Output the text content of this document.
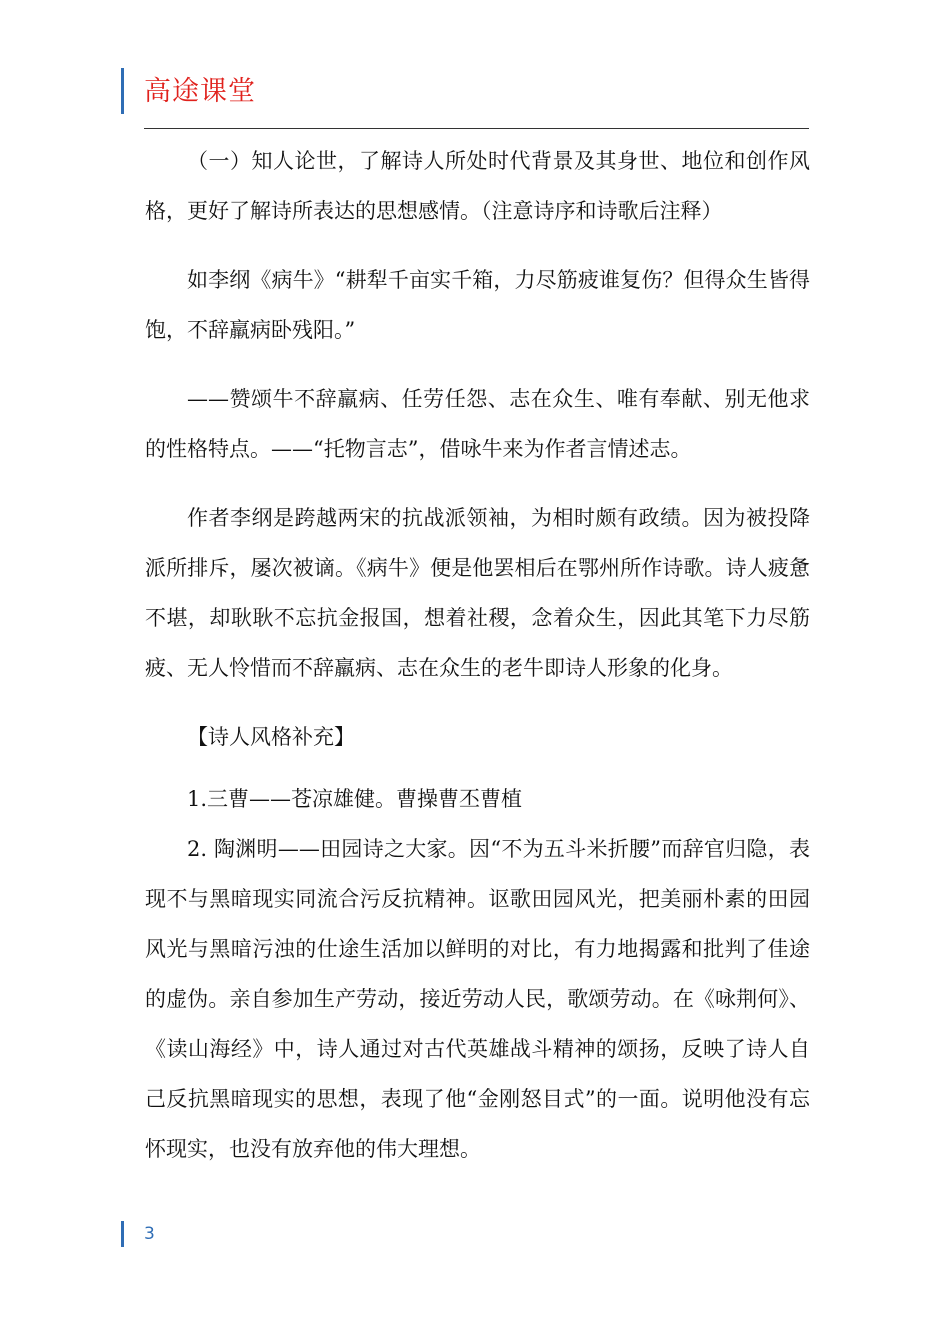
高途课堂

（一）知人论世，了解诗人所处时代背景及其身世、地位和创作风格，更好了解诗所表达的思想感情。（注意诗序和诗歌后注释）

如李纲《病牛》“耕犁千亩实千箱，力尽筋疲谁复伤？但得众生皆得饱，不辞羸病卧残阳。”

——赞颂牛不辞羸病、任劳任怨、志在众生、唯有奉献、别无他求的性格特点。——“托物言志”，借咏牛来为作者言情述志。

作者李纲是跨越两宋的抗战派领袖，为相时颇有政绩。因为被投降派所排斥，屡次被谪。《病牛》便是他罢相后在鄂州所作诗歌。诗人疲惫不堪，却耿耿不忘抗金报国，想着社稷，念着众生，因此其笔下力尽筋疲、无人怜惜而不辞羸病、志在众生的老牛即诗人形象的化身。

【诗人风格补充】

1.三曹——苍凉雄健。曹操曹丕曹植

2. 陶渊明——田园诗之大家。因“不为五斗米折腰”而辞官归隐，表现不与黑暗现实同流合污反抗精神。讴歌田园风光，把美丽朴素的田园风光与黑暗污浊的仕途生活加以鲜明的对比，有力地揭露和批判了佳途的虚伪。亲自参加生产劳动，接近劳动人民，歌颂劳动。在《咏荆何》、《读山海经》中，诗人通过对古代英雄战斗精神的颂扬，反映了诗人自己反抗黑暗现实的思想，表现了他“金刚怒目式”的一面。说明他没有忘怀现实，也没有放弃他的伟大理想。

3
